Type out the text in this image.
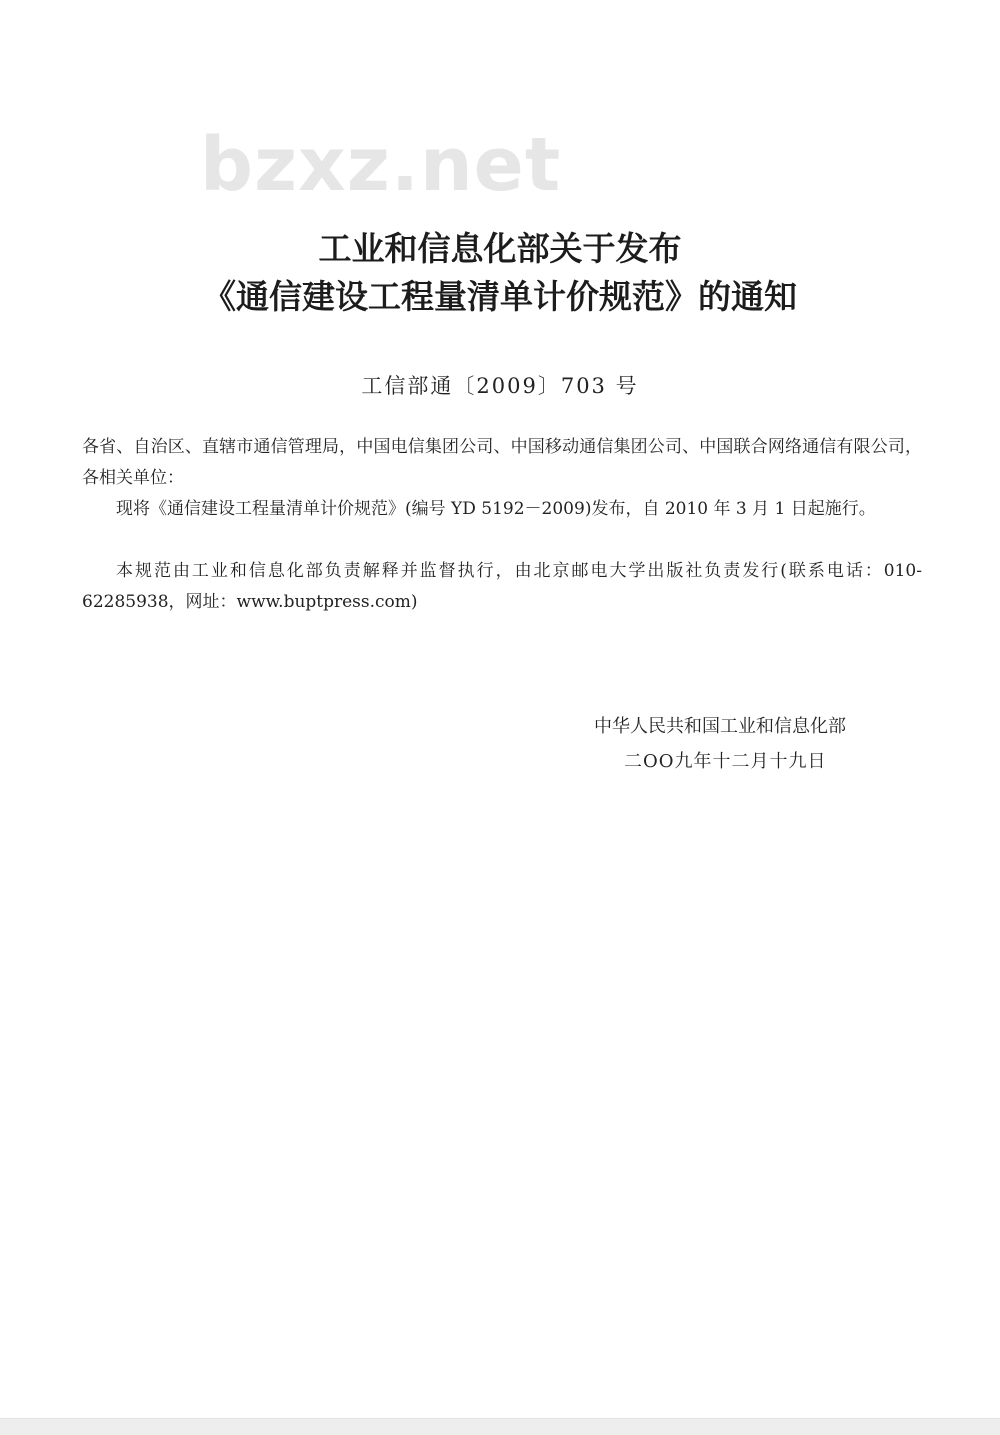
bzxz.net
工业和信息化部关于发布
《通信建设工程量清单计价规范》的通知
工信部通〔2009〕703 号

各省、自治区、直辖市通信管理局，中国电信集团公司、中国移动通信集团公司、中国联合网络通信有限公司，各相关单位：

现将《通信建设工程量清单计价规范》(编号 YD 5192－2009)发布，自 2010 年 3 月 1 日起施行。

本规范由工业和信息化部负责解释并监督执行，由北京邮电大学出版社负责发行(联系电话：010-62285938，网址：www.buptpress.com)

中华人民共和国工业和信息化部
二OO九年十二月十九日
